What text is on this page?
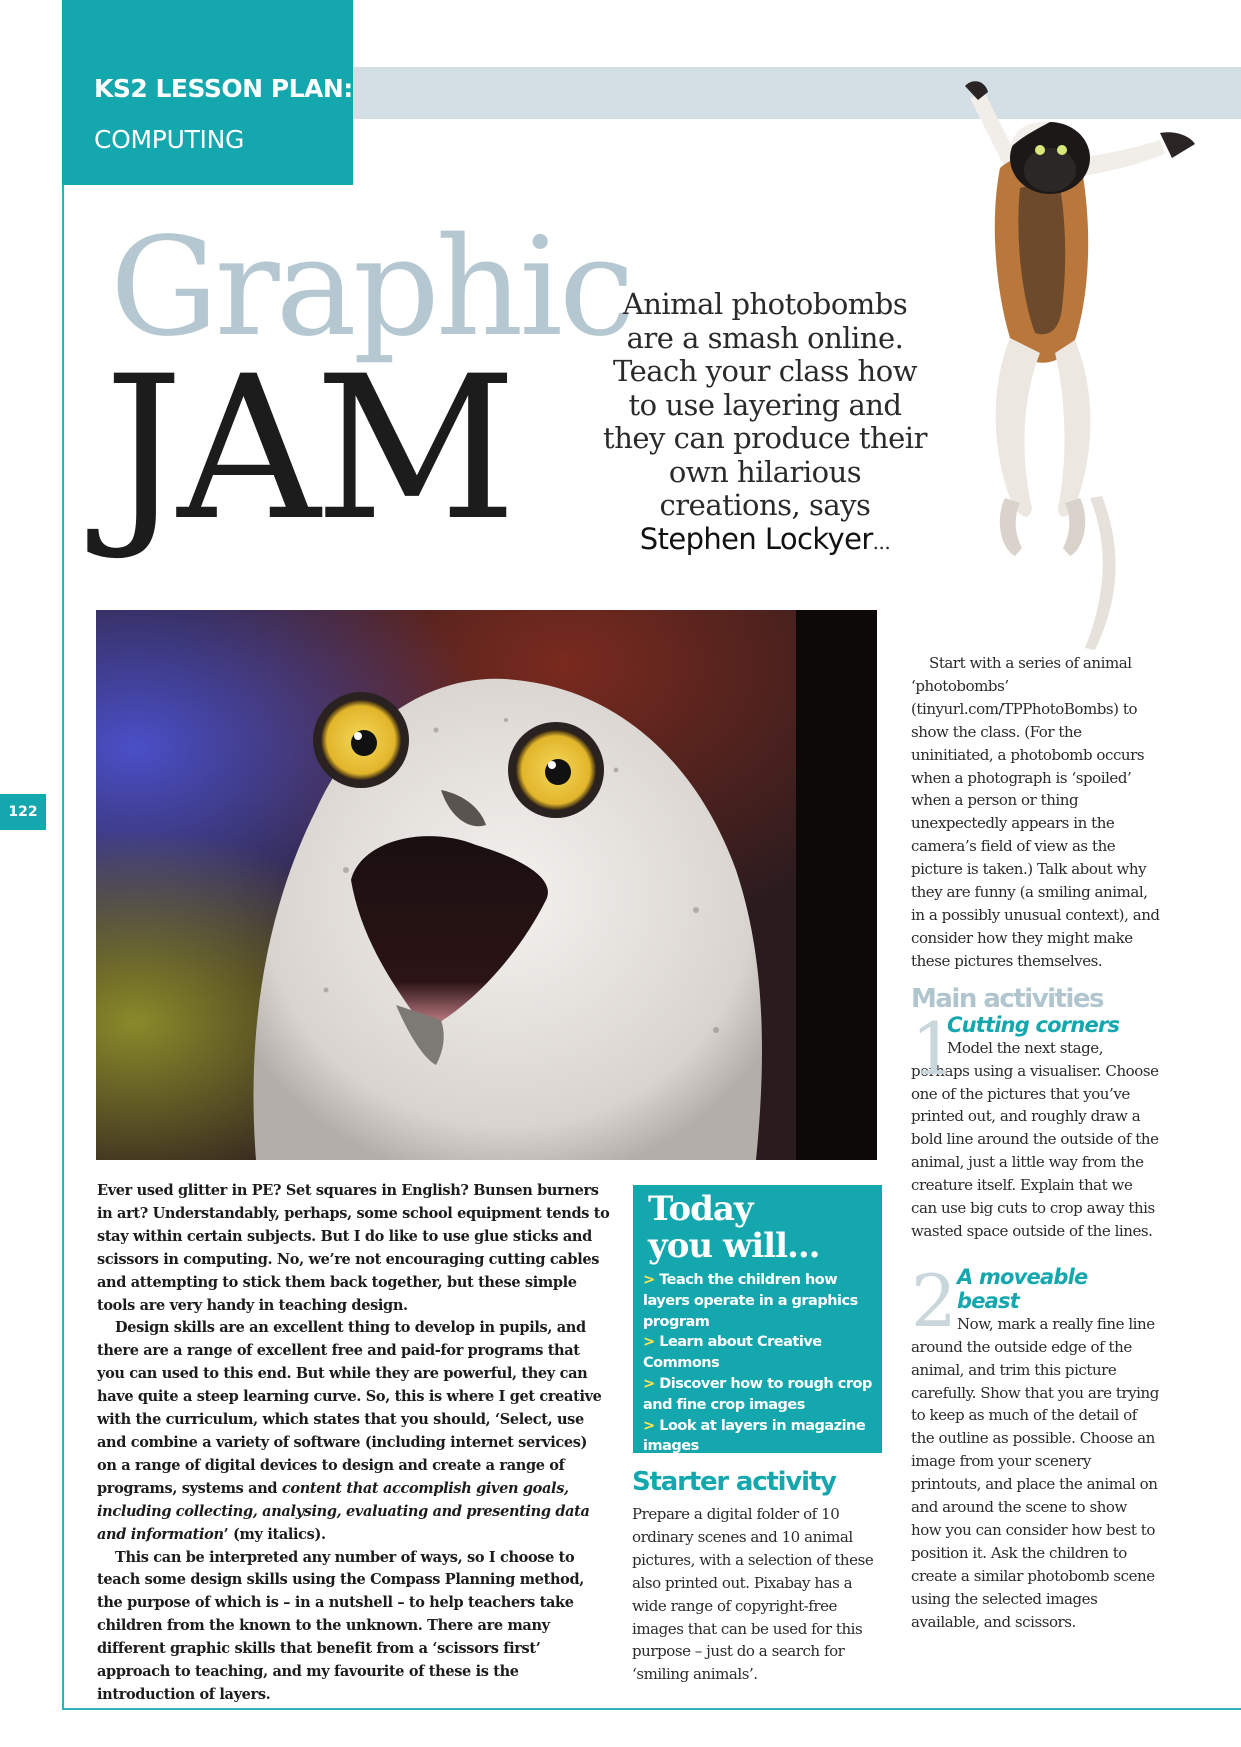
KS2 LESSON PLAN:
COMPUTING
Graphic
JAM
Animal photobombs are a smash online. Teach your class how to use layering and they can produce their own hilarious creations, says Stephen Lockyer...
122

Ever used glitter in PE? Set squares in English? Bunsen burners in art? Understandably, perhaps, some school equipment tends to stay within certain subjects. But I do like to use glue sticks and scissors in computing. No, we’re not encouraging cutting cables and attempting to stick them back together, but these simple tools are very handy in teaching design.

Design skills are an excellent thing to develop in pupils, and there are a range of excellent free and paid-for programs that you can used to this end. But while they are powerful, they can have quite a steep learning curve. So, this is where I get creative with the curriculum, which states that you should, ‘Select, use and combine a variety of software (including internet services) on a range of digital devices to design and create a range of programs, systems and content that accomplish given goals, including collecting, analysing, evaluating and presenting data and information’ (my italics).

This can be interpreted any number of ways, so I choose to teach some design skills using the Compass Planning method, the purpose of which is – in a nutshell – to help teachers take children from the known to the unknown. There are many different graphic skills that benefit from a ‘scissors first’ approach to teaching, and my favourite of these is the introduction of layers.

Today
you will...
> Teach the children how layers operate in a graphics program
> Learn about Creative Commons
> Discover how to rough crop and fine crop images
> Look at layers in magazine images
Starter activity
Prepare a digital folder of 10 ordinary scenes and 10 animal pictures, with a selection of these also printed out. Pixabay has a wide range of copyright-free images that can be used for this purpose – just do a search for ‘smiling animals’.

Start with a series of animal ‘photobombs’ (tinyurl.com/TPPhotoBombs) to show the class. (For the uninitiated, a photobomb occurs when a photograph is ‘spoiled’ when a person or thing unexpectedly appears in the camera’s field of view as the picture is taken.) Talk about why they are funny (a smiling animal, in a possibly unusual context), and consider how they might make these pictures themselves.

Main activities
1
Cutting corners

Model the next stage, perhaps using a visualiser. Choose one of the pictures that you’ve printed out, and roughly draw a bold line around the outside of the animal, just a little way from the creature itself. Explain that we can use big cuts to crop away this wasted space outside of the lines.

2 A moveable beast

Now, mark a really fine line around the outside edge of the animal, and trim this picture carefully. Show that you are trying to keep as much of the detail of the outline as possible. Choose an image from your scenery printouts, and place the animal on and around the scene to show how you can consider how best to position it. Ask the children to create a similar photobomb scene using the selected images available, and scissors.
